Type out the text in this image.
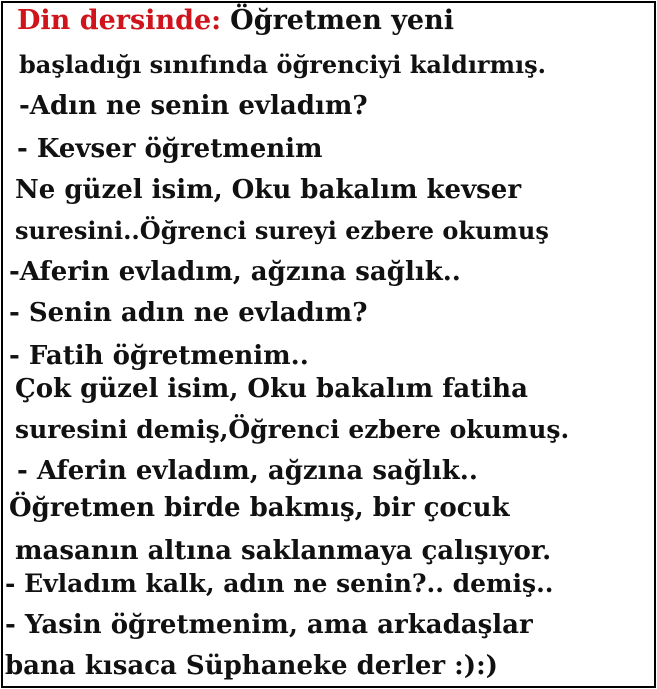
Din dersinde: Öğretmen yeni
başladığı sınıfında öğrenciyi kaldırmış.
-Adın ne senin evladım?
- Kevser öğretmenim
Ne güzel isim, Oku bakalım kevser
suresini..Öğrenci sureyi ezbere okumuş
-Aferin evladım, ağzına sağlık..
- Senin adın ne evladım?
- Fatih öğretmenim..
Çok güzel isim, Oku bakalım fatiha
suresini demiş,Öğrenci ezbere okumuş.
- Aferin evladım, ağzına sağlık..
Öğretmen birde bakmış, bir çocuk
masanın altına saklanmaya çalışıyor.
- Evladım kalk, adın ne senin?.. demiş..
- Yasin öğretmenim, ama arkadaşlar
bana kısaca Süphaneke derler :):)
